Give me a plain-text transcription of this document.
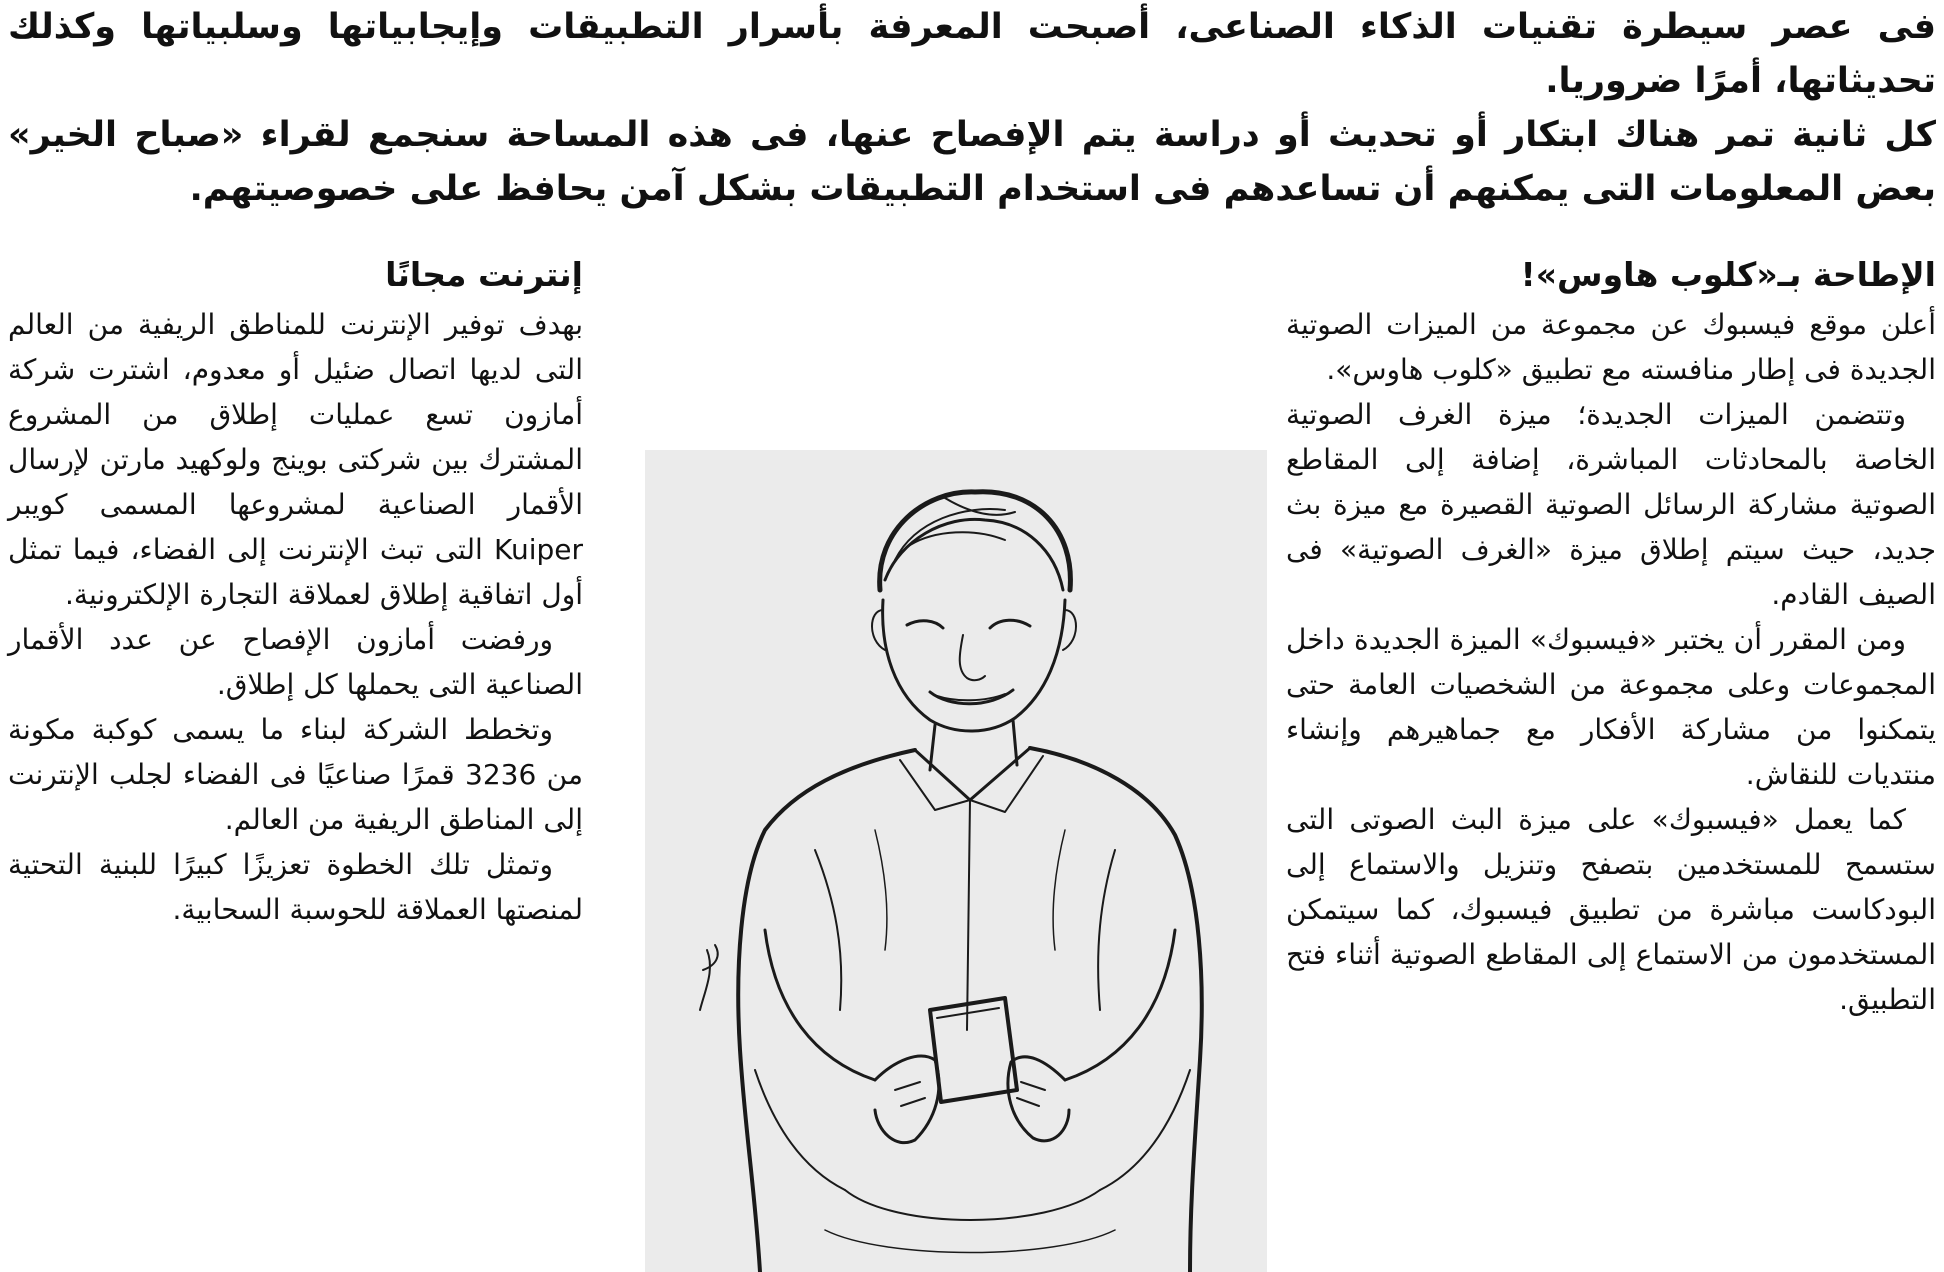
فى عصر سيطرة تقنيات الذكاء الصناعى، أصبحت المعرفة بأسرار التطبيقات وإيجابياتها وسلبياتها وكذلك تحديثاتها، أمرًا ضروريا.

كل ثانية تمر هناك ابتكار أو تحديث أو دراسة يتم الإفصاح عنها، فى هذه المساحة سنجمع لقراء «صباح الخير» بعض المعلومات التى يمكنهم أن تساعدهم فى استخدام التطبيقات بشكل آمن يحافظ على خصوصيتهم.

الإطاحة بـ«كلوب هاوس»!

أعلن موقع فيسبوك عن مجموعة من الميزات الصوتية الجديدة فى إطار منافسته مع تطبيق «كلوب هاوس».

وتتضمن الميزات الجديدة؛ ميزة الغرف الصوتية الخاصة بالمحادثات المباشرة، إضافة إلى المقاطع الصوتية مشاركة الرسائل الصوتية القصيرة مع ميزة بث جديد، حيث سيتم إطلاق ميزة «الغرف الصوتية» فى الصيف القادم.

ومن المقرر أن يختبر «فيسبوك» الميزة الجديدة داخل المجموعات وعلى مجموعة من الشخصيات العامة حتى يتمكنوا من مشاركة الأفكار مع جماهيرهم وإنشاء منتديات للنقاش.

كما يعمل «فيسبوك» على ميزة البث الصوتى التى ستسمح للمستخدمين بتصفح وتنزيل والاستماع إلى البودكاست مباشرة من تطبيق فيسبوك، كما سيتمكن المستخدمون من الاستماع إلى المقاطع الصوتية أثناء فتح التطبيق.

إنترنت مجانًا

بهدف توفير الإنترنت للمناطق الريفية من العالم التى لديها اتصال ضئيل أو معدوم، اشترت شركة أمازون تسع عمليات إطلاق من المشروع المشترك بين شركتى بوينج ولوكهيد مارتن لإرسال الأقمار الصناعية لمشروعها المسمى كويبر Kuiper التى تبث الإنترنت إلى الفضاء، فيما تمثل أول اتفاقية إطلاق لعملاقة التجارة الإلكترونية.

ورفضت أمازون الإفصاح عن عدد الأقمار الصناعية التى يحملها كل إطلاق.

وتخطط الشركة لبناء ما يسمى كوكبة مكونة من 3236 قمرًا صناعيًا فى الفضاء لجلب الإنترنت إلى المناطق الريفية من العالم.

وتمثل تلك الخطوة تعزيزًا كبيرًا للبنية التحتية لمنصتها العملاقة للحوسبة السحابية.
